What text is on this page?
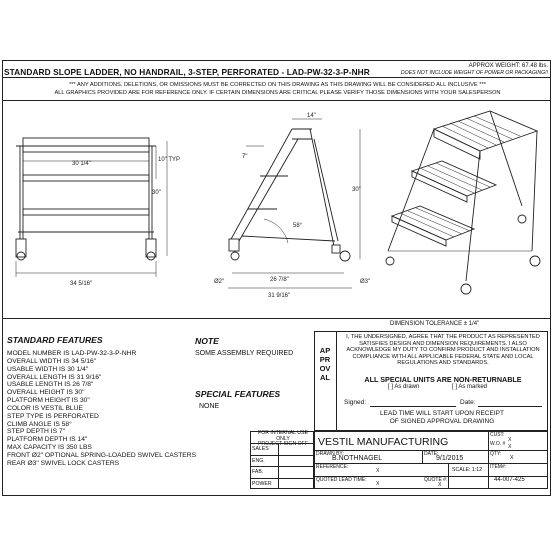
STANDARD SLOPE LADDER, NO HANDRAIL, 3-STEP, PERFORATED - LAD-PW-32-3-P-NHR
APPROX WEIGHT: 67.48 lbs.
DOES NOT INCLUDE WEIGHT OF POWER OR PACKAGING!!
*** ANY ADDITIONS, DELETIONS, OR OMISSIONS MUST BE CORRECTED ON THIS DRAWING AS THIS DRAWING WILL BE CONSIDERED ALL INCLUSIVE ***
ALL GRAPHICS PROVIDED ARE FOR REFERENCE ONLY. IF CERTAIN DIMENSIONS ARE CRITICAL PLEASE VERIFY THOSE DIMENSIONS WITH YOUR SALESPERSON
30 1/4"
10" TYP
30"
34 5/16"
14"
7"
30"
58°
Ø2"	Ø3"
26 7/8"
31 9/16"
DIMENSION TOLERANCE ± 1/4"
STANDARD FEATURES
MODEL NUMBER IS LAD-PW-32-3-P-NHR
OVERALL WIDTH IS 34 5/16"
USABLE WIDTH IS 30 1/4"
OVERALL LENGTH IS 31 9/16"
USABLE LENGTH IS 26 7/8"
OVERALL HEIGHT IS 30"
PLATFORM HEIGHT IS 30"
COLOR IS VESTIL BLUE
STEP TYPE IS PERFORATED
CLIMB ANGLE IS 58°
STEP DEPTH IS 7"
PLATFORM DEPTH IS 14"
MAX CAPACITY IS 350 LBS
FRONT Ø2" OPTIONAL SPRING-LOADED SWIVEL CASTERS
REAR Ø3" SWIVEL LOCK CASTERS
NOTE
SOME ASSEMBLY REQUIRED
SPECIAL FEATURES
NONE
APPROVAL
I, THE UNDERSIGNED, AGREE THAT THE PRODUCT AS REPRESENTED SATISFIES DESIGN AND DIMENSION REQUIREMENTS. I ALSO ACKNOWLEDGE MY DUTY TO CONFIRM PRODUCT AND INSTALLATION COMPLIANCE WITH ALL APPLICABLE FEDERAL STATE AND LOCAL REGULATIONS AND STANDARDS.
ALL SPECIAL UNITS ARE NON-RETURNABLE
[ ] As drawn	[ ] As marked
Signed:	Date:
LEAD TIME WILL START UPON RECEIPT
OF SIGNED APPROVAL DRAWING
FOR INTERNAL USE ONLY
PROJECT SIGN OFF
SALES
ENG.
FAB.
POWER
VESTIL MANUFACTURING
CUST:
X
W.O. # X
DRAWN BY:
B.NOTHNAGEL
DATE:
9/1/2015
QTY:
X
REFERENCE:
X	SCALE: 1:12 ITEM#:
44-007-425
QUOTED LEAD TIME:
X
QUOTE #:
X
